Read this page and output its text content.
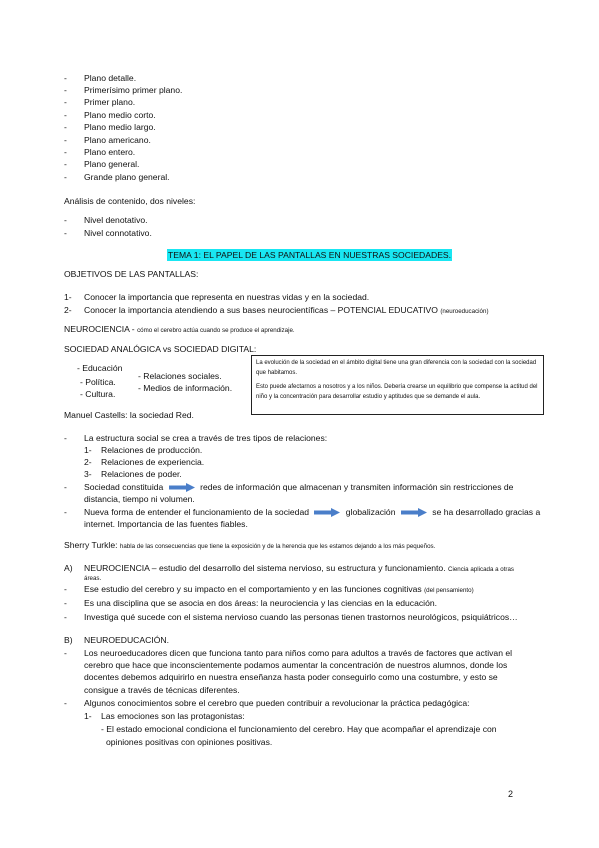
- Plano detalle.
- Primerísimo primer plano.
- Primer plano.
- Plano medio corto.
- Plano medio largo.
- Plano americano.
- Plano entero.
- Plano general.
- Grande plano general.
Análisis de contenido, dos niveles:
- Nivel denotativo.
- Nivel connotativo.
TEMA 1: EL PAPEL DE LAS PANTALLAS EN NUESTRAS SOCIEDADES.
OBJETIVOS DE LAS PANTALLAS:
1- Conocer la importancia que representa en nuestras vidas y en la sociedad.
2- Conocer la importancia atendiendo a sus bases neurocientíficas – POTENCIAL EDUCATIVO (neuroeducación)
NEUROCIENCIA - cómo el cerebro actúa cuando se produce el aprendizaje.
SOCIEDAD ANALÓGICA vs SOCIEDAD DIGITAL:
- Educación
- Política.
- Cultura.
- Relaciones sociales.
- Medios de información.

La evolución de la sociedad en el ámbito digital tiene una gran diferencia con la sociedad con la sociedad que habitamos.

Esto puede afectarnos a nosotros y a los niños. Debería crearse un equilibrio que compense la actitud del niño y la concentración para desarrollar estudio y aptitudes que se demande el aula.

Manuel Castells: la sociedad Red.
- La estructura social se crea a través de tres tipos de relaciones:
1- Relaciones de producción.
2- Relaciones de experiencia.
3- Relaciones de poder.
- Sociedad constituida	redes de información que almacenan y transmiten información sin restricciones de
distancia, tiempo ni volumen.
- Nueva forma de entender el funcionamiento de la sociedad	globalización	se ha desarrollado gracias a
internet. Importancia de las fuentes fiables.
Sherry Turkle: habla de las consecuencias que tiene la exposición y de la herencia que les estamos dejando a los más pequeños.
A) NEUROCIENCIA – estudio del desarrollo del sistema nervioso, su estructura y funcionamiento. Ciencia aplicada a otras
áreas.
- Ese estudio del cerebro y su impacto en el comportamiento y en las funciones cognitivas (del pensamiento)
- Es una disciplina que se asocia en dos áreas: la neurociencia y las ciencias en la educación.
- Investiga qué sucede con el sistema nervioso cuando las personas tienen trastornos neurológicos, psiquiátricos…
B) NEUROEDUCACIÓN.
- Los neuroeducadores dicen que funciona tanto para niños como para adultos a través de factores que activan el
cerebro que hace que inconscientemente podamos aumentar la concentración de nuestros alumnos, donde los
docentes debemos adquirirlo en nuestra enseñanza hasta poder conseguirlo como una costumbre, y esto se
consigue a través de técnicas diferentes.
- Algunos conocimientos sobre el cerebro que pueden contribuir a revolucionar la práctica pedagógica:
1- Las emociones son las protagonistas:
- El estado emocional condiciona el funcionamiento del cerebro. Hay que acompañar el aprendizaje con
opiniones positivas con opiniones positivas.
2
